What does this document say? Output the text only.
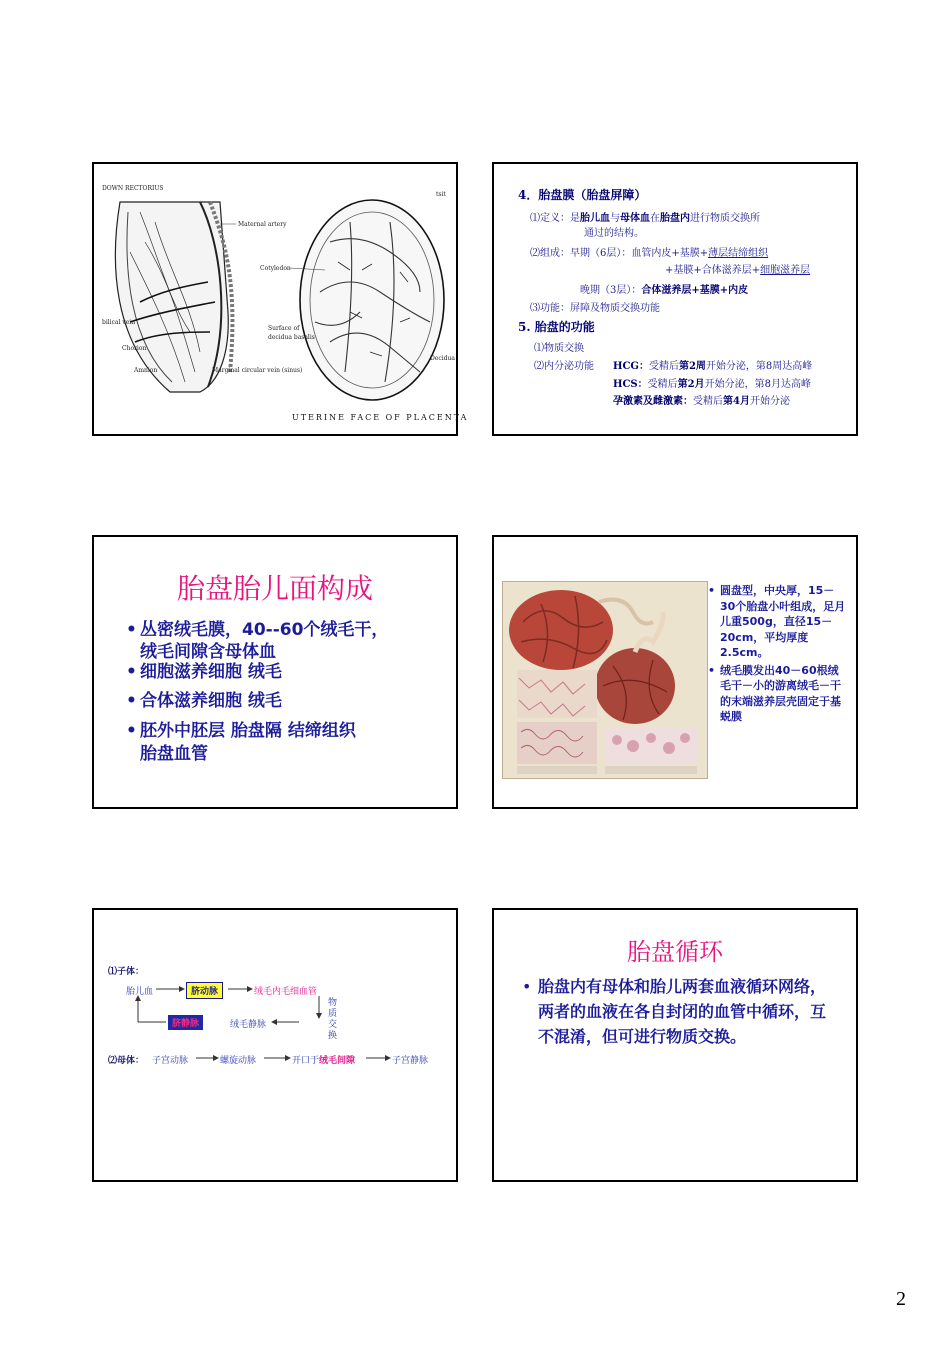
DOWN RECTORIUS
tsit
Maternal artery
Cotyledon
bilical vein
Chorion
Amnion	Marginal circular vein (sinus)
Surface of
decidua basalis
Decidua
UTERINE FACE OF PLACENTA
4．胎盘膜（胎盘屏障）
⑴定义：是胎儿血与母体血在胎盘内进行物质交换所
通过的结构。
⑵组成：早期（6层）：血管内皮+基膜+薄层结缔组织
+基膜+合体滋养层+细胞滋养层
晚期（3层）：合体滋养层+基膜+内皮
⑶功能：屏障及物质交换功能
5. 胎盘的功能
⑴物质交换
⑵内分泌功能 HCG：受精后第2周开始分泌，第8周达高峰
HCS：受精后第2月开始分泌，第8月达高峰
孕激素及雌激素：受精后第4月开始分泌
胎盘胎儿面构成
• 丛密绒毛膜，40--60个绒毛干，
绒毛间隙含母体血
• 细胞滋养细胞 绒毛
• 合体滋养细胞 绒毛
• 胚外中胚层 胎盘隔 结缔组织
胎盘血管
• 圆盘型，中央厚，15－30个胎盘小叶组成，足月儿重500g，直径15－20cm，平均厚度2.5cm。
• 绒毛膜发出40－60根绒毛干－小的游离绒毛－干的末端滋养层壳固定于基蜕膜
⑴子体：
胎儿血	脐动脉	绒毛内毛细血管
物
质
交
换
脐静脉	绒毛静脉
⑵母体： 子宫动脉	螺旋动脉	开口于绒毛间隙	子宫静脉
胎盘循环
• 胎盘内有母体和胎儿两套血液循环网络，两者的血液在各自封闭的血管中循环，互不混淆，但可进行物质交换。
2
